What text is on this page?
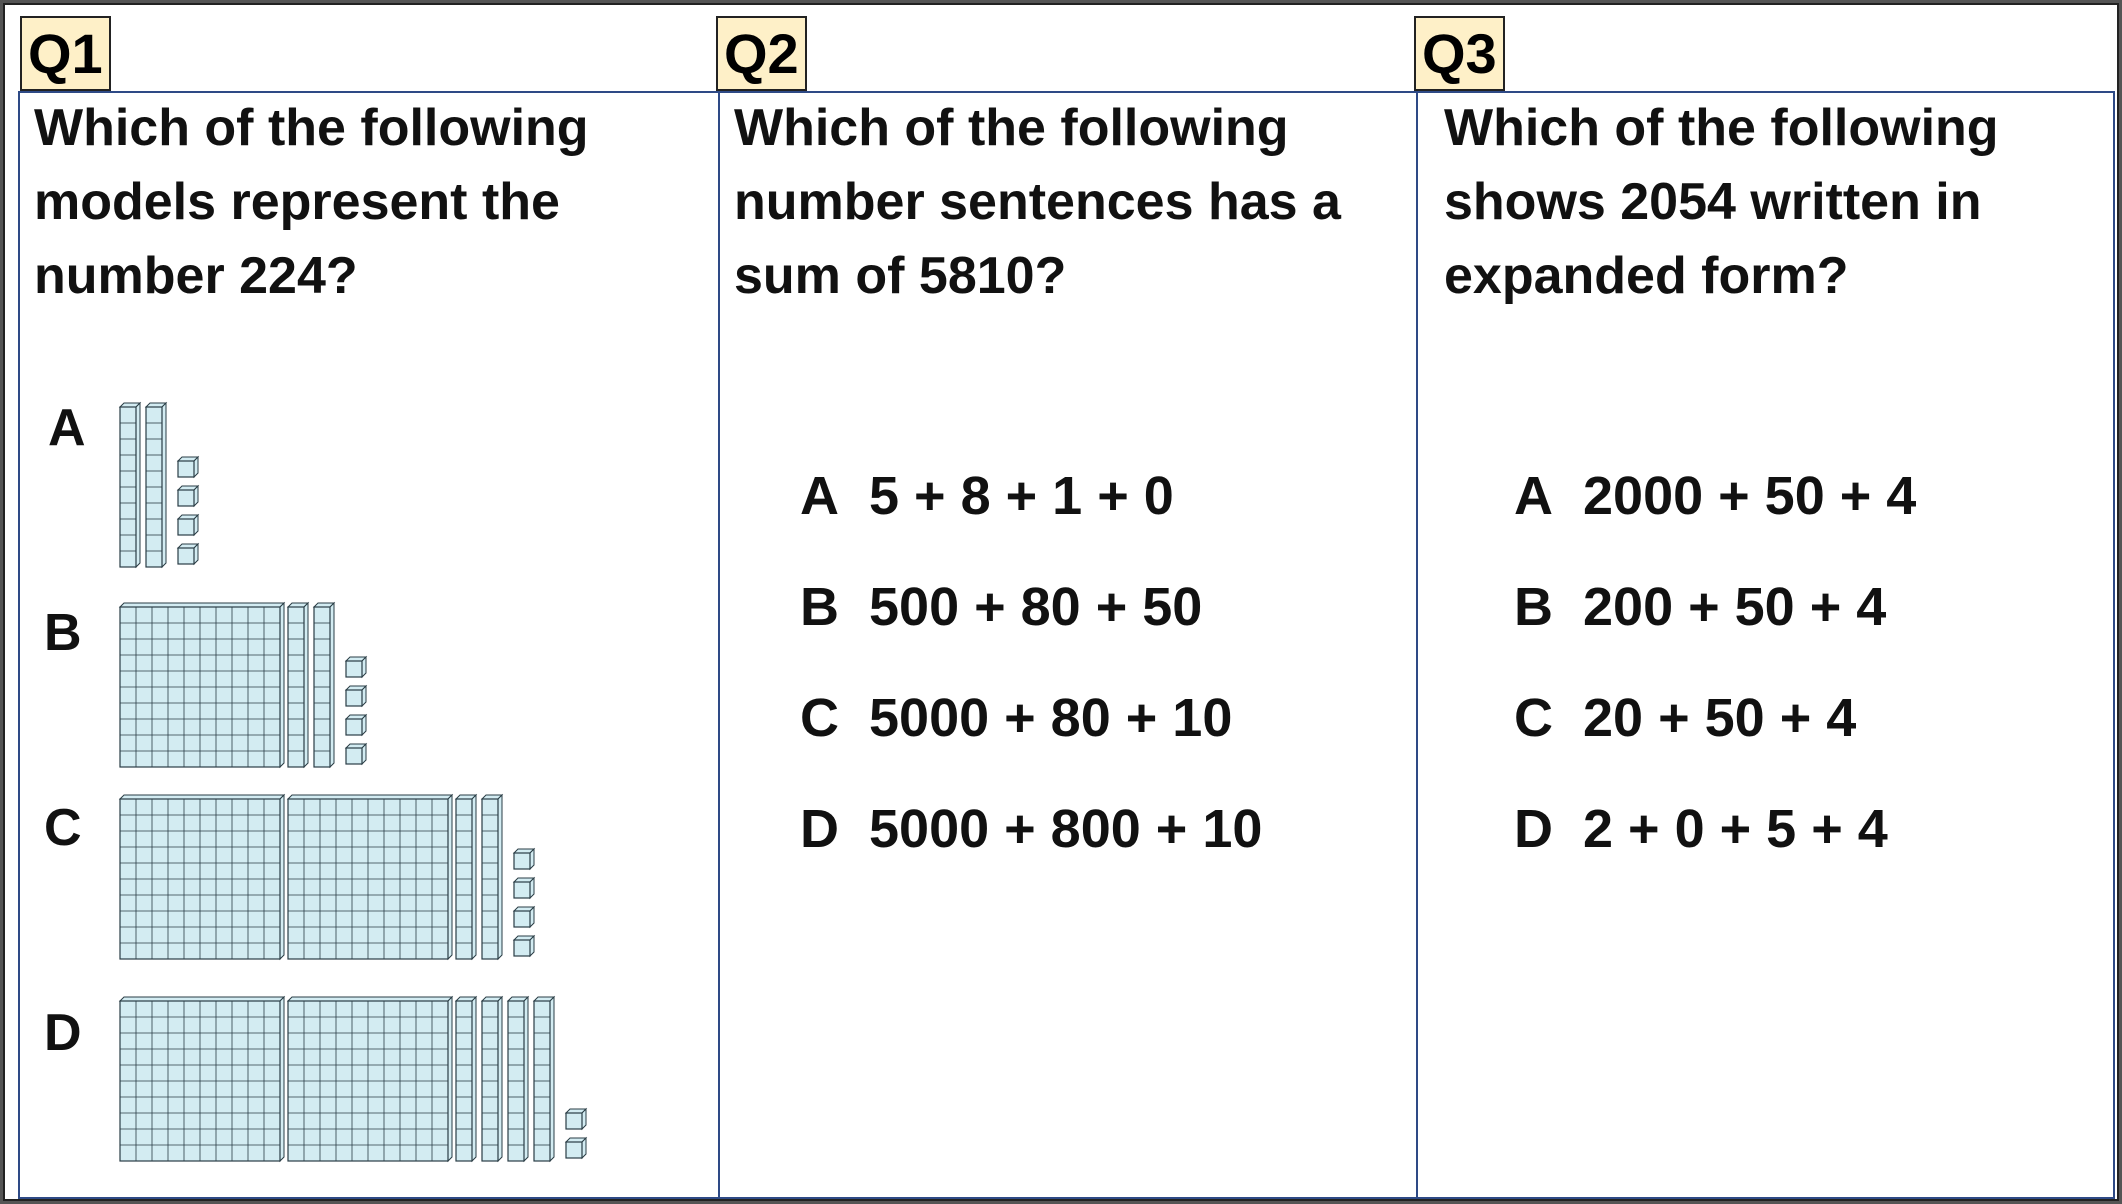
Q1
Which of the following
models represent the
number 224?
A
B
C
D
Q2
Which of the following
number sentences has a
sum of 5810?
A 5 + 8 + 1 + 0
B 500 + 80 + 50
C 5000 + 80 + 10
D 5000 + 800 + 10
Q3
Which of the following
shows 2054 written in
expanded form?
A 2000 + 50 + 4
B 200 + 50 + 4
C 20 + 50 + 4
D 2 + 0 + 5 + 4
